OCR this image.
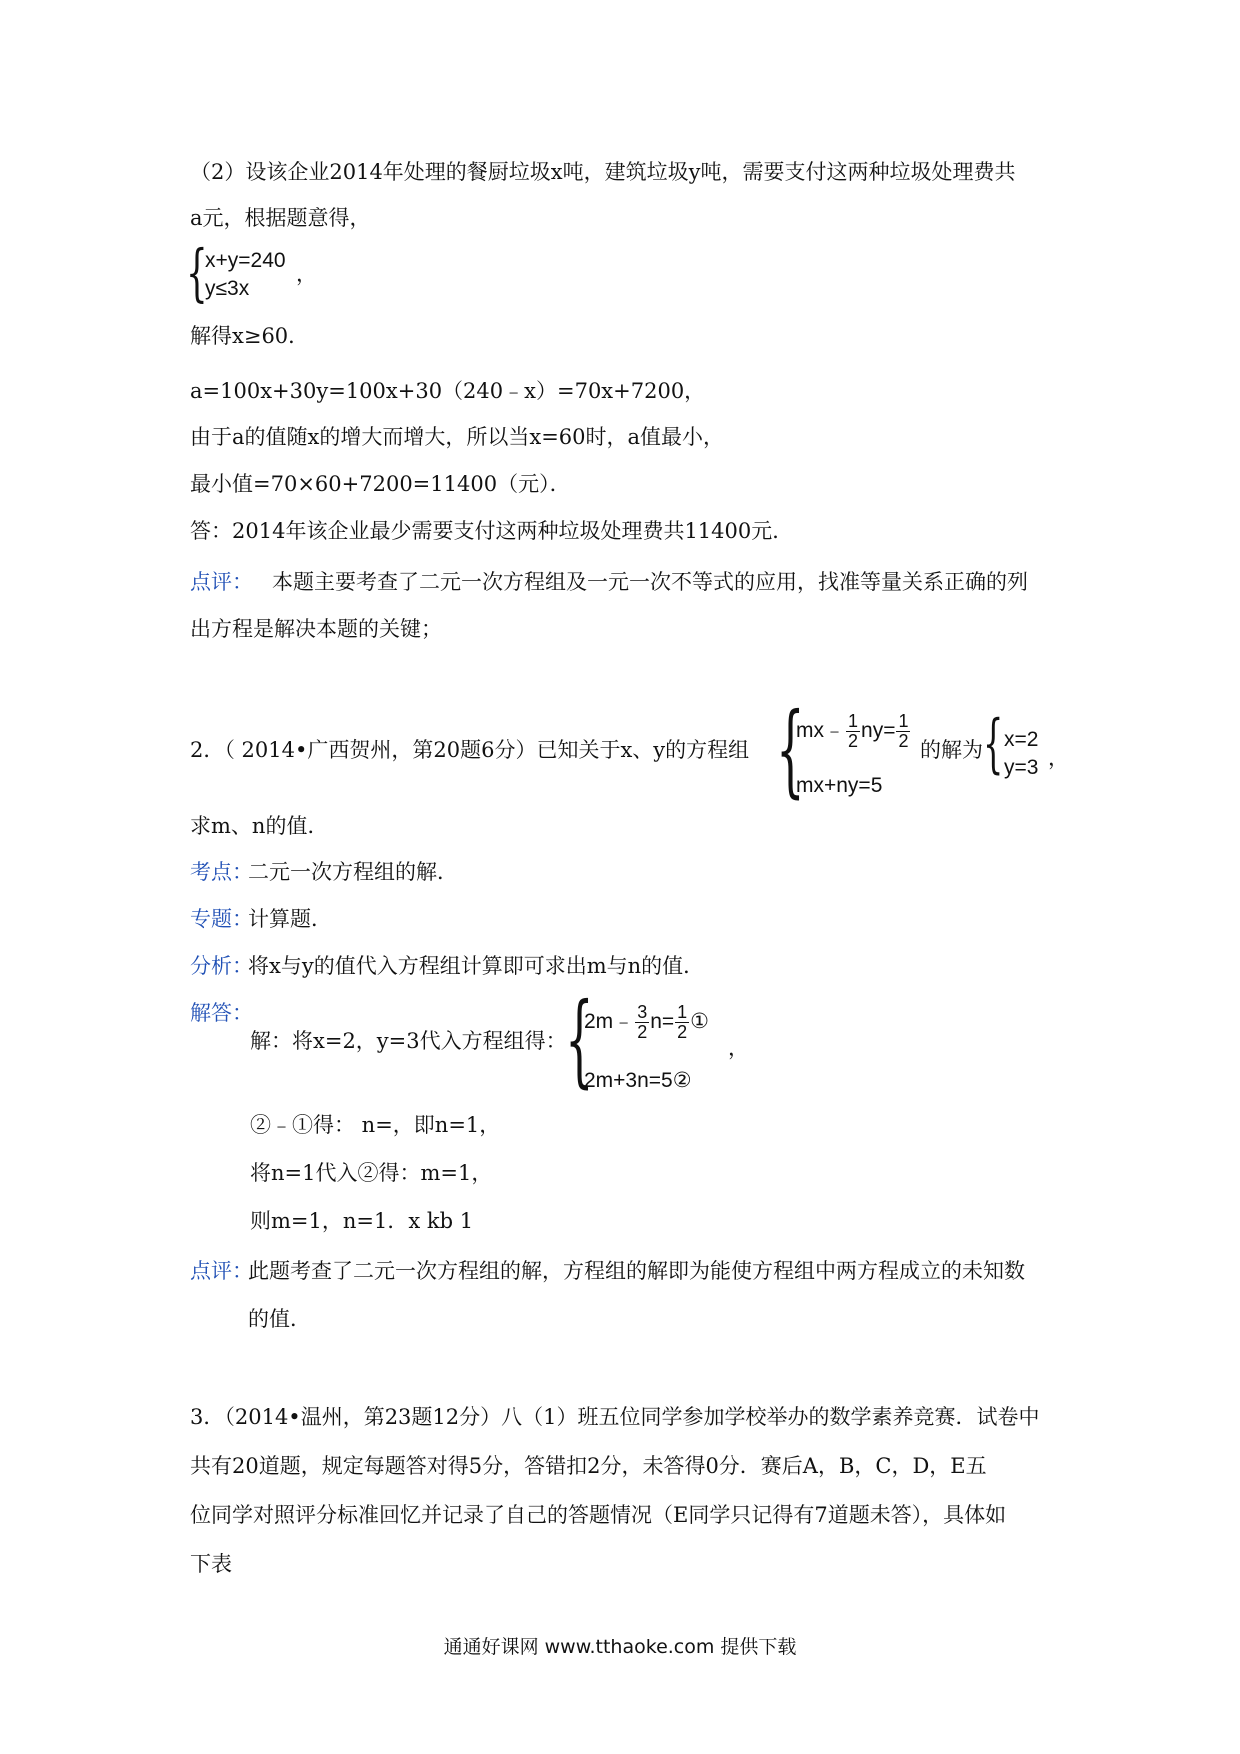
（2）设该企业2014年处理的餐厨垃圾x吨，建筑垃圾y吨，需要支付这两种垃圾处理费共
a元，根据题意得，
{
x+y=240
y≤3x
，
解得x≥60．
a=100x+30y=100x+30（240﹣x）=70x+7200，
由于a的值随x的增大而增大，所以当x=60时，a值最小，
最小值=70×60+7200=11400（元）．
答：2014年该企业最少需要支付这两种垃圾处理费共11400元．
点评： 本题主要考查了二元一次方程组及一元一次不等式的应用，找准等量关系正确的列
出方程是解决本题的关键；
2．（ 2014•广西贺州，第20题6分）已知关于x、y的方程组 {
mx﹣ $\frac{1}{2} ny= \frac{1}{2}$
mx+ny=5
的解为 { x=2
y=3 ，
求m、n的值．
考点：
二元一次方程组的解．
专题：
计算题．
分析：
将x与y的值代入方程组计算即可求出m与n的值．
解答：
解：将x=2，y=3代入方程组得：
{
2m﹣ $\frac{3}{2} n= \frac{1}{2}$ ①
2m+3n=5②
，
②﹣①得： n=，即n=1，
将n=1代入②得：m=1，
则m=1，n=1．x kb 1
点评：
此题考查了二元一次方程组的解，方程组的解即为能使方程组中两方程成立的未知数
的值．
3．（2014•温州，第23题12分）八（1）班五位同学参加学校举办的数学素养竞赛．试卷中
共有20道题，规定每题答对得5分，答错扣2分，未答得0分．赛后A，B，C，D，E五
位同学对照评分标准回忆并记录了自己的答题情况（E同学只记得有7道题未答），具体如
下表
通通好课网 www.tthaoke.com 提供下载
